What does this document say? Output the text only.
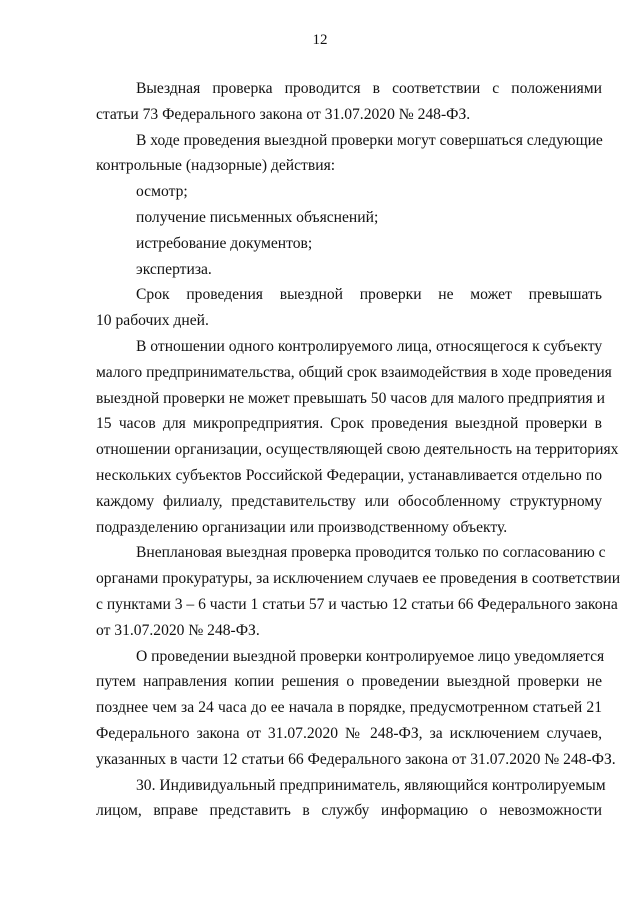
12
Выездная проверка проводится в соответствии с положениями
статьи 73 Федерального закона от 31.07.2020 № 248-ФЗ.
В ходе проведения выездной проверки могут совершаться следующие
контрольные (надзорные) действия:
осмотр;
получение письменных объяснений;
истребование документов;
экспертиза.
Срок проведения выездной проверки не может превышать
10 рабочих дней.
В отношении одного контролируемого лица, относящегося к субъекту
малого предпринимательства, общий срок взаимодействия в ходе проведения
выездной проверки не может превышать 50 часов для малого предприятия и
15 часов для микропредприятия. Срок проведения выездной проверки в
отношении организации, осуществляющей свою деятельность на территориях
нескольких субъектов Российской Федерации, устанавливается отдельно по
каждому филиалу, представительству или обособленному структурному
подразделению организации или производственному объекту.
Внеплановая выездная проверка проводится только по согласованию с
органами прокуратуры, за исключением случаев ее проведения в соответствии
с пунктами 3 – 6 части 1 статьи 57 и частью 12 статьи 66 Федерального закона
от 31.07.2020 № 248-ФЗ.
О проведении выездной проверки контролируемое лицо уведомляется
путем направления копии решения о проведении выездной проверки не
позднее чем за 24 часа до ее начала в порядке, предусмотренном статьей 21
Федерального закона от 31.07.2020 № 248-ФЗ, за исключением случаев,
указанных в части 12 статьи 66 Федерального закона от 31.07.2020 № 248-ФЗ.
30. Индивидуальный предприниматель, являющийся контролируемым
лицом, вправе представить в службу информацию о невозможности
